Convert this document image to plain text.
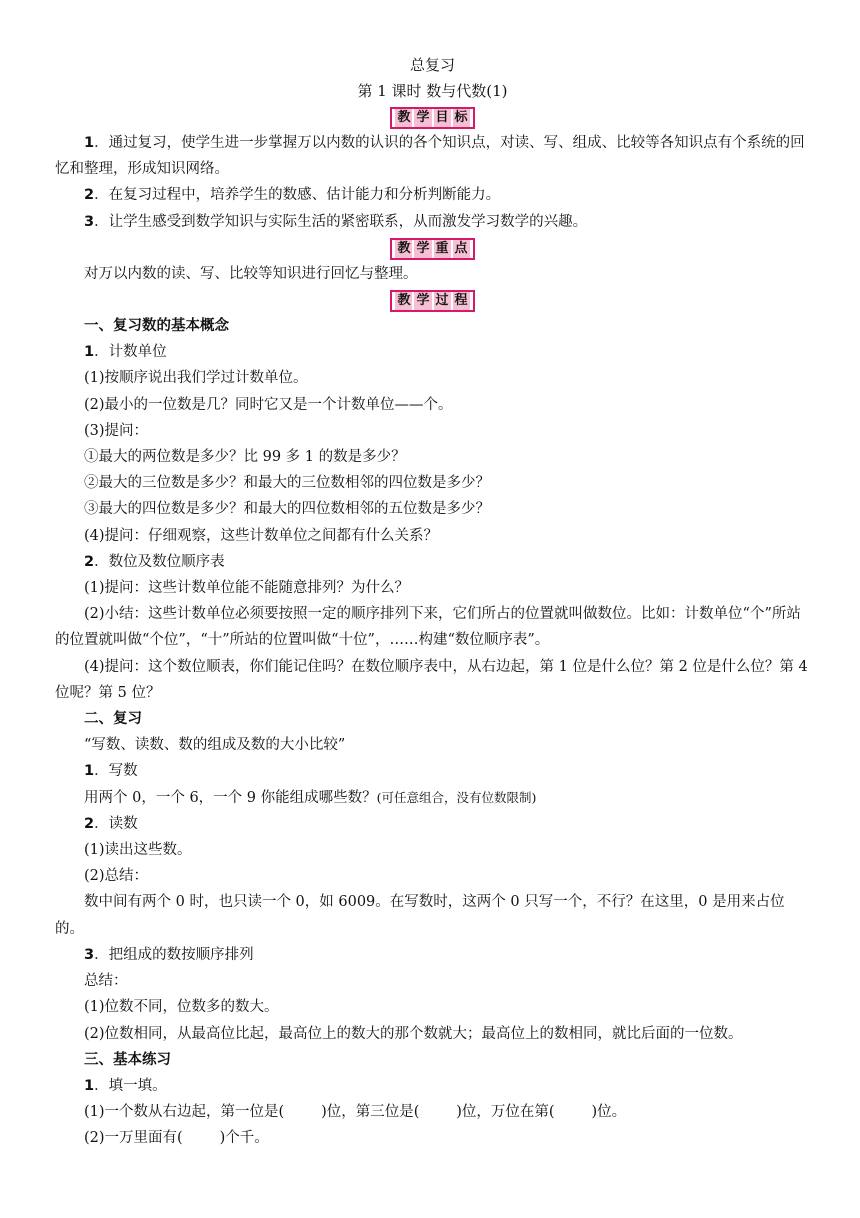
总复习
第 1 课时 数与代数(1)
教 学 目 标
1．通过复习，使学生进一步掌握万以内数的认识的各个知识点，对读、写、组成、比较等各知识点有个系统的回忆和整理，形成知识网络。
2．在复习过程中，培养学生的数感、估计能力和分析判断能力。
3．让学生感受到数学知识与实际生活的紧密联系，从而激发学习数学的兴趣。
教 学 重 点
对万以内数的读、写、比较等知识进行回忆与整理。
教 学 过 程
一、复习数的基本概念
1．计数单位
(1)按顺序说出我们学过计数单位。
(2)最小的一位数是几？同时它又是一个计数单位——个。
(3)提问：
①最大的两位数是多少？比 99 多 1 的数是多少？
②最大的三位数是多少？和最大的三位数相邻的四位数是多少？
③最大的四位数是多少？和最大的四位数相邻的五位数是多少？
(4)提问：仔细观察，这些计数单位之间都有什么关系？
2．数位及数位顺序表
(1)提问：这些计数单位能不能随意排列？为什么？
(2)小结：这些计数单位必须要按照一定的顺序排列下来，它们所占的位置就叫做数位。比如：计数单位“个”所站的位置就叫做“个位”，“十”所站的位置叫做“十位”，……构建“数位顺序表”。
(4)提问：这个数位顺表，你们能记住吗？在数位顺序表中，从右边起，第 1 位是什么位？第 2 位是什么位？第 4 位呢？第 5 位？
二、复习
“写数、读数、数的组成及数的大小比较”
1．写数
用两个 0，一个 6，一个 9 你能组成哪些数？(可任意组合，没有位数限制)
2．读数
(1)读出这些数。
(2)总结：
数中间有两个 0 时，也只读一个 0，如 6009。在写数时，这两个 0 只写一个，不行？在这里，0 是用来占位的。
3．把组成的数按顺序排列
总结：
(1)位数不同，位数多的数大。
(2)位数相同，从最高位比起，最高位上的数大的那个数就大；最高位上的数相同，就比后面的一位数。
三、基本练习
1．填一填。
(1)一个数从右边起，第一位是(        )位，第三位是(        )位，万位在第(        )位。
(2)一万里面有(        )个千。
